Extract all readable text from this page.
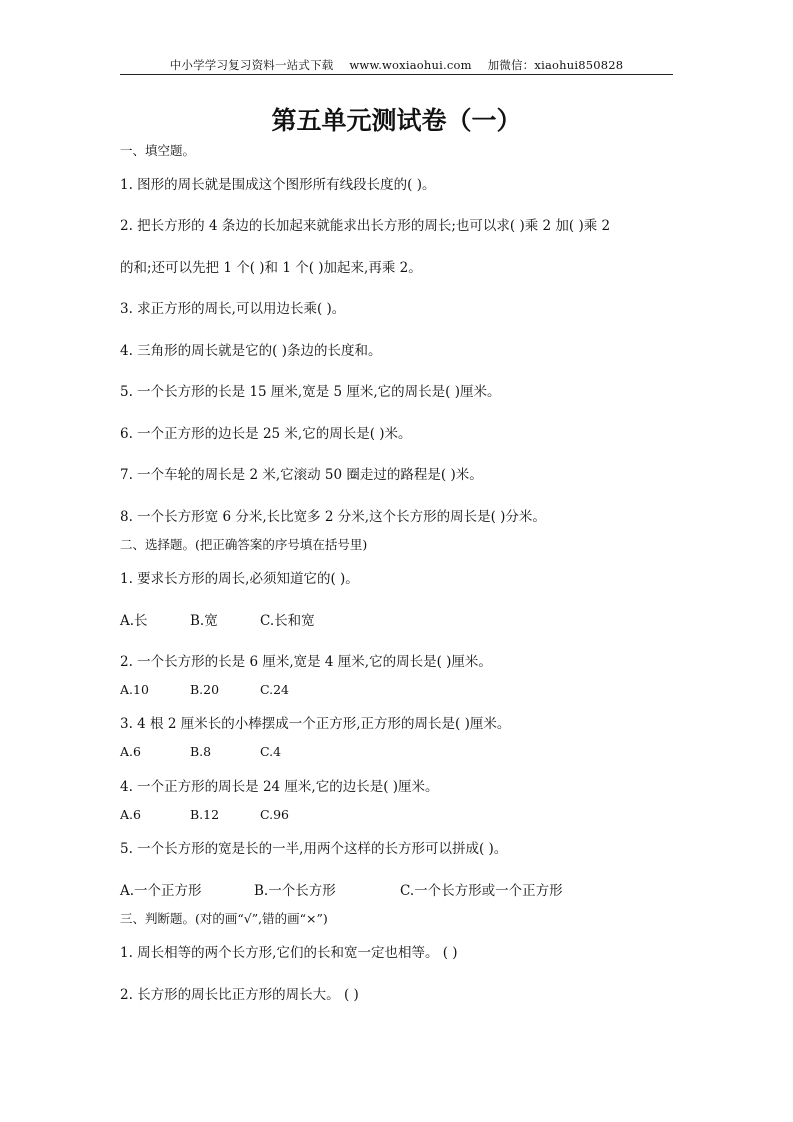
中小学学习复习资料一站式下载 www.woxiaohui.com 加微信：xiaohui850828
第五单元测试卷（一）
一、填空题。
1. 图形的周长就是围成这个图形所有线段长度的( )。
2. 把长方形的 4 条边的长加起来就能求出长方形的周长;也可以求( )乘 2 加( )乘 2
的和;还可以先把 1 个( )和 1 个( )加起来,再乘 2。
3. 求正方形的周长,可以用边长乘( )。
4. 三角形的周长就是它的( )条边的长度和。
5. 一个长方形的长是 15 厘米,宽是 5 厘米,它的周长是( )厘米。
6. 一个正方形的边长是 25 米,它的周长是( )米。
7. 一个车轮的周长是 2 米,它滚动 50 圈走过的路程是( )米。
8. 一个长方形宽 6 分米,长比宽多 2 分米,这个长方形的周长是( )分米。
二、选择题。(把正确答案的序号填在括号里)
1. 要求长方形的周长,必须知道它的( )。
A.长	B.宽	C.长和宽
2. 一个长方形的长是 6 厘米,宽是 4 厘米,它的周长是( )厘米。
A.10	B.20	C.24
3. 4 根 2 厘米长的小棒摆成一个正方形,正方形的周长是( )厘米。
A.6	B.8	C.4
4. 一个正方形的周长是 24 厘米,它的边长是( )厘米。
A.6	B.12	C.96
5. 一个长方形的宽是长的一半,用两个这样的长方形可以拼成( )。
A.一个正方形	B.一个长方形	C.一个长方形或一个正方形
三、判断题。(对的画“√”,错的画“×”)
1. 周长相等的两个长方形,它们的长和宽一定也相等。 ( )
2. 长方形的周长比正方形的周长大。 ( )
